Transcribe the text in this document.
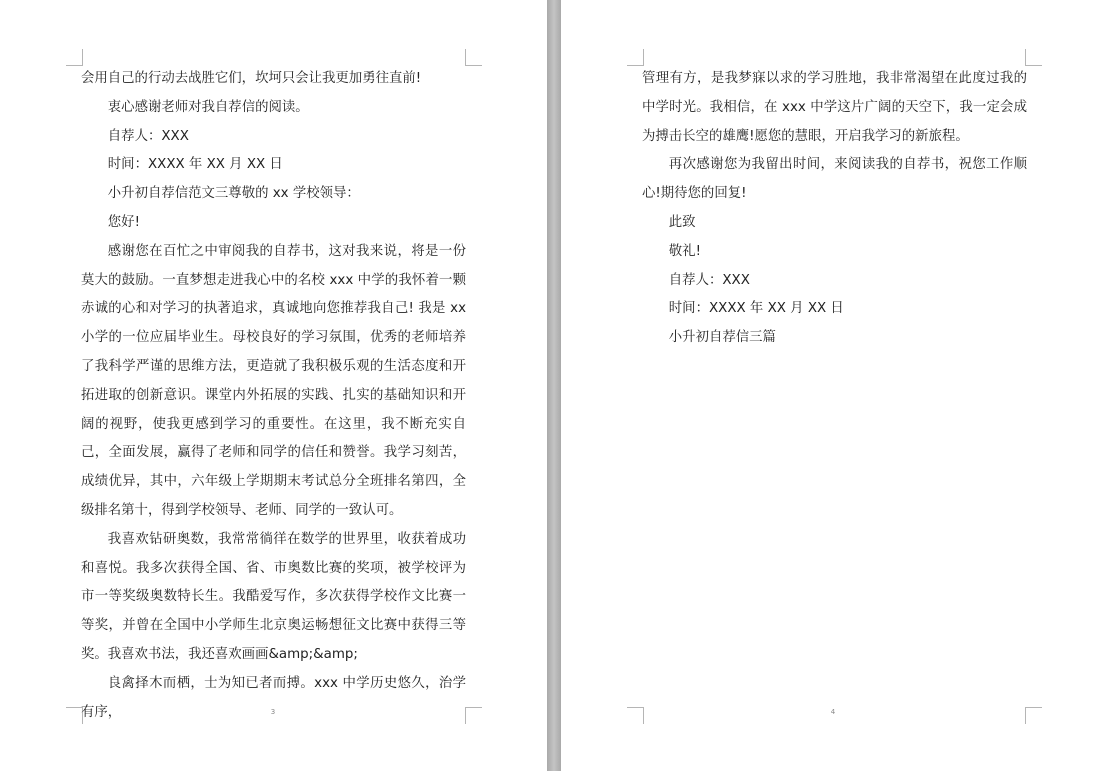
会用自己的行动去战胜它们，坎坷只会让我更加勇往直前!

衷心感谢老师对我自荐信的阅读。

自荐人：XXX

时间：XXXX 年 XX 月 XX 日

小升初自荐信范文三尊敬的 xx 学校领导：

您好!

感谢您在百忙之中审阅我的自荐书，这对我来说，将是一份莫大的鼓励。一直梦想走进我心中的名校 xxx 中学的我怀着一颗赤诚的心和对学习的执著追求，真诚地向您推荐我自己! 我是 xx 小学的一位应届毕业生。母校良好的学习氛围，优秀的老师培养了我科学严谨的思维方法，更造就了我积极乐观的生活态度和开拓进取的创新意识。课堂内外拓展的实践、扎实的基础知识和开阔的视野，使我更感到学习的重要性。在这里，我不断充实自己，全面发展，赢得了老师和同学的信任和赞誉。我学习刻苦，成绩优异，其中，六年级上学期期末考试总分全班排名第四，全级排名第十，得到学校领导、老师、同学的一致认可。

我喜欢钻研奥数，我常常徜徉在数学的世界里，收获着成功和喜悦。我多次获得全国、省、市奥数比赛的奖项，被学校评为市一等奖级奥数特长生。我酷爱写作，多次获得学校作文比赛一等奖，并曾在全国中小学师生北京奥运畅想征文比赛中获得三等奖。我喜欢书法，我还喜欢画画&amp;&amp;

良禽择木而栖，士为知已者而搏。xxx 中学历史悠久，治学有序，	3

管理有方，是我梦寐以求的学习胜地，我非常渴望在此度过我的中学时光。我相信，在 xxx 中学这片广阔的天空下，我一定会成为搏击长空的雄鹰!愿您的慧眼，开启我学习的新旅程。

再次感谢您为我留出时间，来阅读我的自荐书，祝您工作顺心!期待您的回复!

此致

敬礼!

自荐人：XXX

时间：XXXX 年 XX 月 XX 日

小升初自荐信三篇

4
